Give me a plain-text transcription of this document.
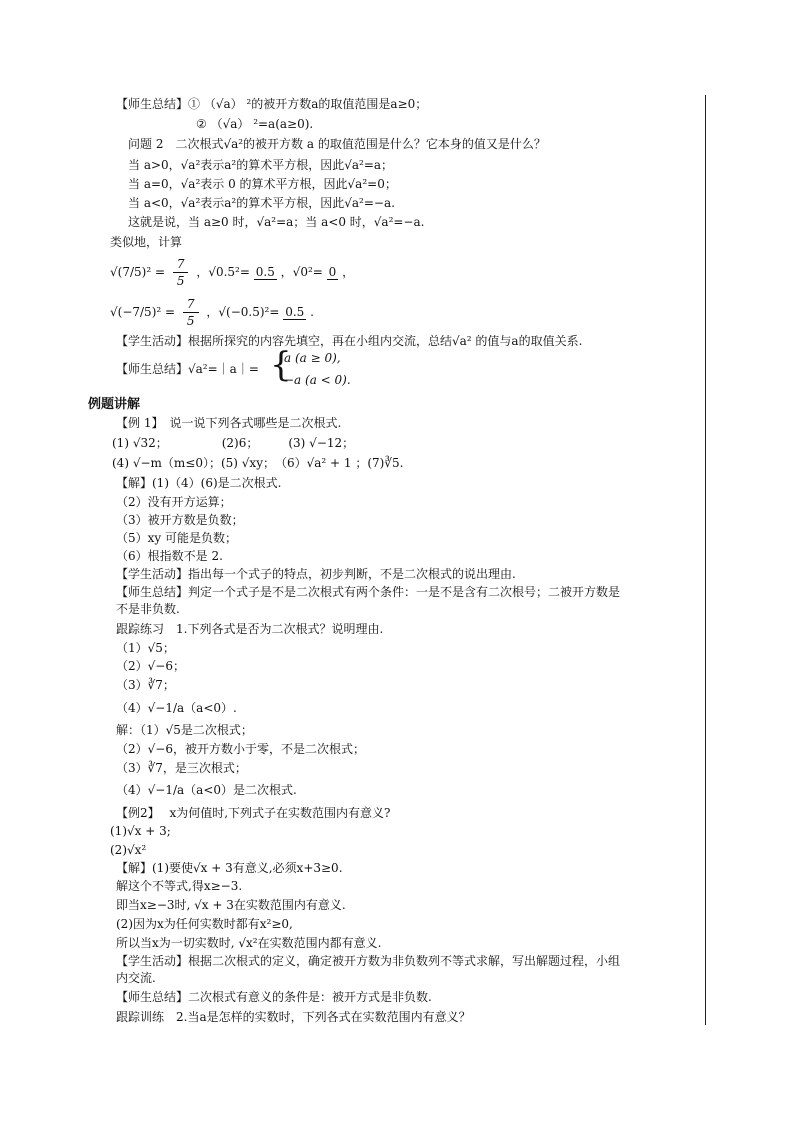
【师生总结】① （√a） ²的被开方数a的取值范围是a≥0；
② （√a） ²=a(a≥0).
问题 2　二次根式√a²的被开方数 a 的取值范围是什么？它本身的值又是什么？
当 a>0，√a²表示a²的算术平方根，因此√a²=a；
当 a=0，√a²表示 0 的算术平方根，因此√a²=0；
当 a<0，√a²表示a²的算术平方根，因此√a²=−a.
这就是说，当 a≥0 时，√a²=a；当 a<0 时，√a²=−a.
类似地，计算
$√(7/5)^2 = \frac{7}{5}$ ，√0.5²= 0.5 ，√0²= 0 ，
$√(-7/5)^2 = \frac{7}{5}$ ，√(−0.5)²= 0.5 .
【学生活动】根据所探究的内容先填空，再在小组内交流，总结√a² 的值与a的取值关系.
【师生总结】√a²=｜a｜= {
a (a ≥ 0),
−a (a < 0).
例题讲解
【例 1】　说一说下列各式哪些是二次根式.
(1) √32；　　　　　(2)6；　　　(3) √−12；
(4) √−m（m≤0）；(5) √xy；　（6）√a² + 1 ；(7)∛5.
【解】(1)（4）(6)是二次根式.
（2）没有开方运算；
（3）被开方数是负数；
（5）xy 可能是负数；
（6）根指数不是 2.
【学生活动】指出每一个式子的特点，初步判断，不是二次根式的说出理由.
【师生总结】判定一个式子是不是二次根式有两个条件：一是不是含有二次根号；二被开方数是
不是非负数.
跟踪练习　1.下列各式是否为二次根式？说明理由.
（1）√5；
（2）√−6；
（3）∛7；
（4）√−1/a（a<0）.
解：（1）√5是二次根式；
（2）√−6，被开方数小于零，不是二次根式；
（3）∛7，是三次根式；
（4）√−1/a（a<0）是二次根式.
【例2】　 x为何值时,下列式子在实数范围内有意义?
(1)√x + 3;
(2)√x²
【解】(1)要使√x + 3有意义,必须x+3≥0.
解这个不等式,得x≥−3.
即当x≥−3时, √x + 3在实数范围内有意义.
(2)因为x为任何实数时都有x²≥0,
所以当x为一切实数时, √x²在实数范围内都有意义.
【学生活动】根据二次根式的定义，确定被开方数为非负数列不等式求解，写出解题过程，小组
内交流.
【师生总结】二次根式有意义的条件是：被开方式是非负数.
跟踪训练　2.当a是怎样的实数时，下列各式在实数范围内有意义？
